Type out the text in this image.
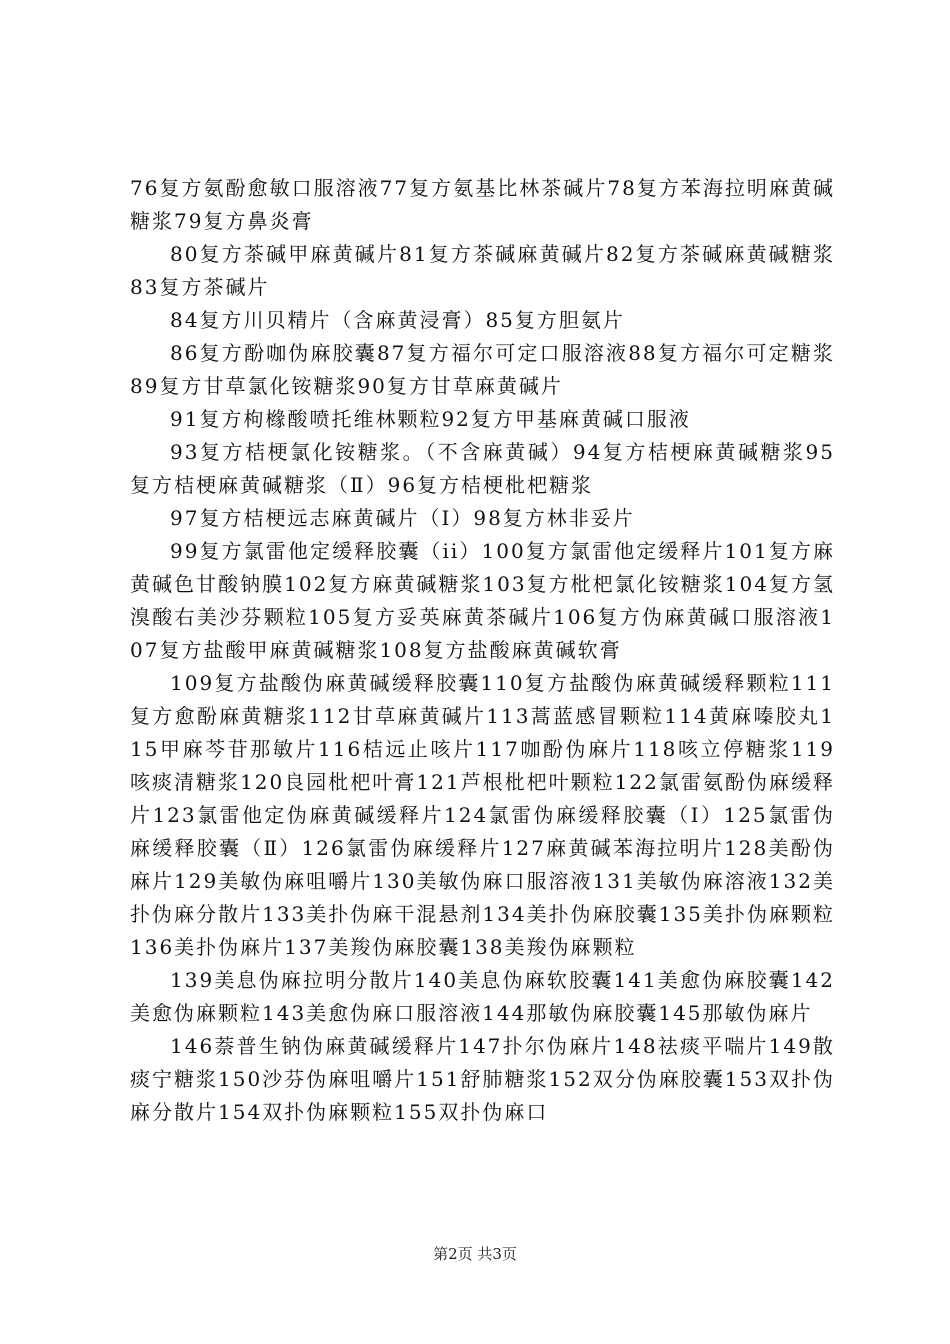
76复方氨酚愈敏口服溶液77复方氨基比林茶碱片78复方苯海拉明麻黄碱糖浆79复方鼻炎膏

80复方茶碱甲麻黄碱片81复方茶碱麻黄碱片82复方茶碱麻黄碱糖浆83复方茶碱片

84复方川贝精片（含麻黄浸膏）85复方胆氨片

86复方酚咖伪麻胶囊87复方福尔可定口服溶液88复方福尔可定糖浆89复方甘草氯化铵糖浆90复方甘草麻黄碱片

91复方枸橼酸喷托维林颗粒92复方甲基麻黄碱口服液

93复方桔梗氯化铵糖浆。（不含麻黄碱）94复方桔梗麻黄碱糖浆95复方桔梗麻黄碱糖浆（Ⅱ）96复方桔梗枇杷糖浆

97复方桔梗远志麻黄碱片（Ⅰ）98复方林非妥片

99复方氯雷他定缓释胶囊（ii）100复方氯雷他定缓释片101复方麻黄碱色甘酸钠膜102复方麻黄碱糖浆103复方枇杷氯化铵糖浆104复方氢溴酸右美沙芬颗粒105复方妥英麻黄茶碱片106复方伪麻黄碱口服溶液107复方盐酸甲麻黄碱糖浆108复方盐酸麻黄碱软膏

109复方盐酸伪麻黄碱缓释胶囊110复方盐酸伪麻黄碱缓释颗粒111复方愈酚麻黄糖浆112甘草麻黄碱片113蒿蓝感冒颗粒114黄麻嗪胶丸115甲麻芩苷那敏片116桔远止咳片117咖酚伪麻片118咳立停糖浆119咳痰清糖浆120良园枇杷叶膏121芦根枇杷叶颗粒122氯雷氨酚伪麻缓释片123氯雷他定伪麻黄碱缓释片124氯雷伪麻缓释胶囊（Ⅰ）125氯雷伪麻缓释胶囊（Ⅱ）126氯雷伪麻缓释片127麻黄碱苯海拉明片128美酚伪麻片129美敏伪麻咀嚼片130美敏伪麻口服溶液131美敏伪麻溶液132美扑伪麻分散片133美扑伪麻干混悬剂134美扑伪麻胶囊135美扑伪麻颗粒136美扑伪麻片137美羧伪麻胶囊138美羧伪麻颗粒

139美息伪麻拉明分散片140美息伪麻软胶囊141美愈伪麻胶囊142美愈伪麻颗粒143美愈伪麻口服溶液144那敏伪麻胶囊145那敏伪麻片

146萘普生钠伪麻黄碱缓释片147扑尔伪麻片148祛痰平喘片149散痰宁糖浆150沙芬伪麻咀嚼片151舒肺糖浆152双分伪麻胶囊153双扑伪麻分散片154双扑伪麻颗粒155双扑伪麻口

第2页 共3页
